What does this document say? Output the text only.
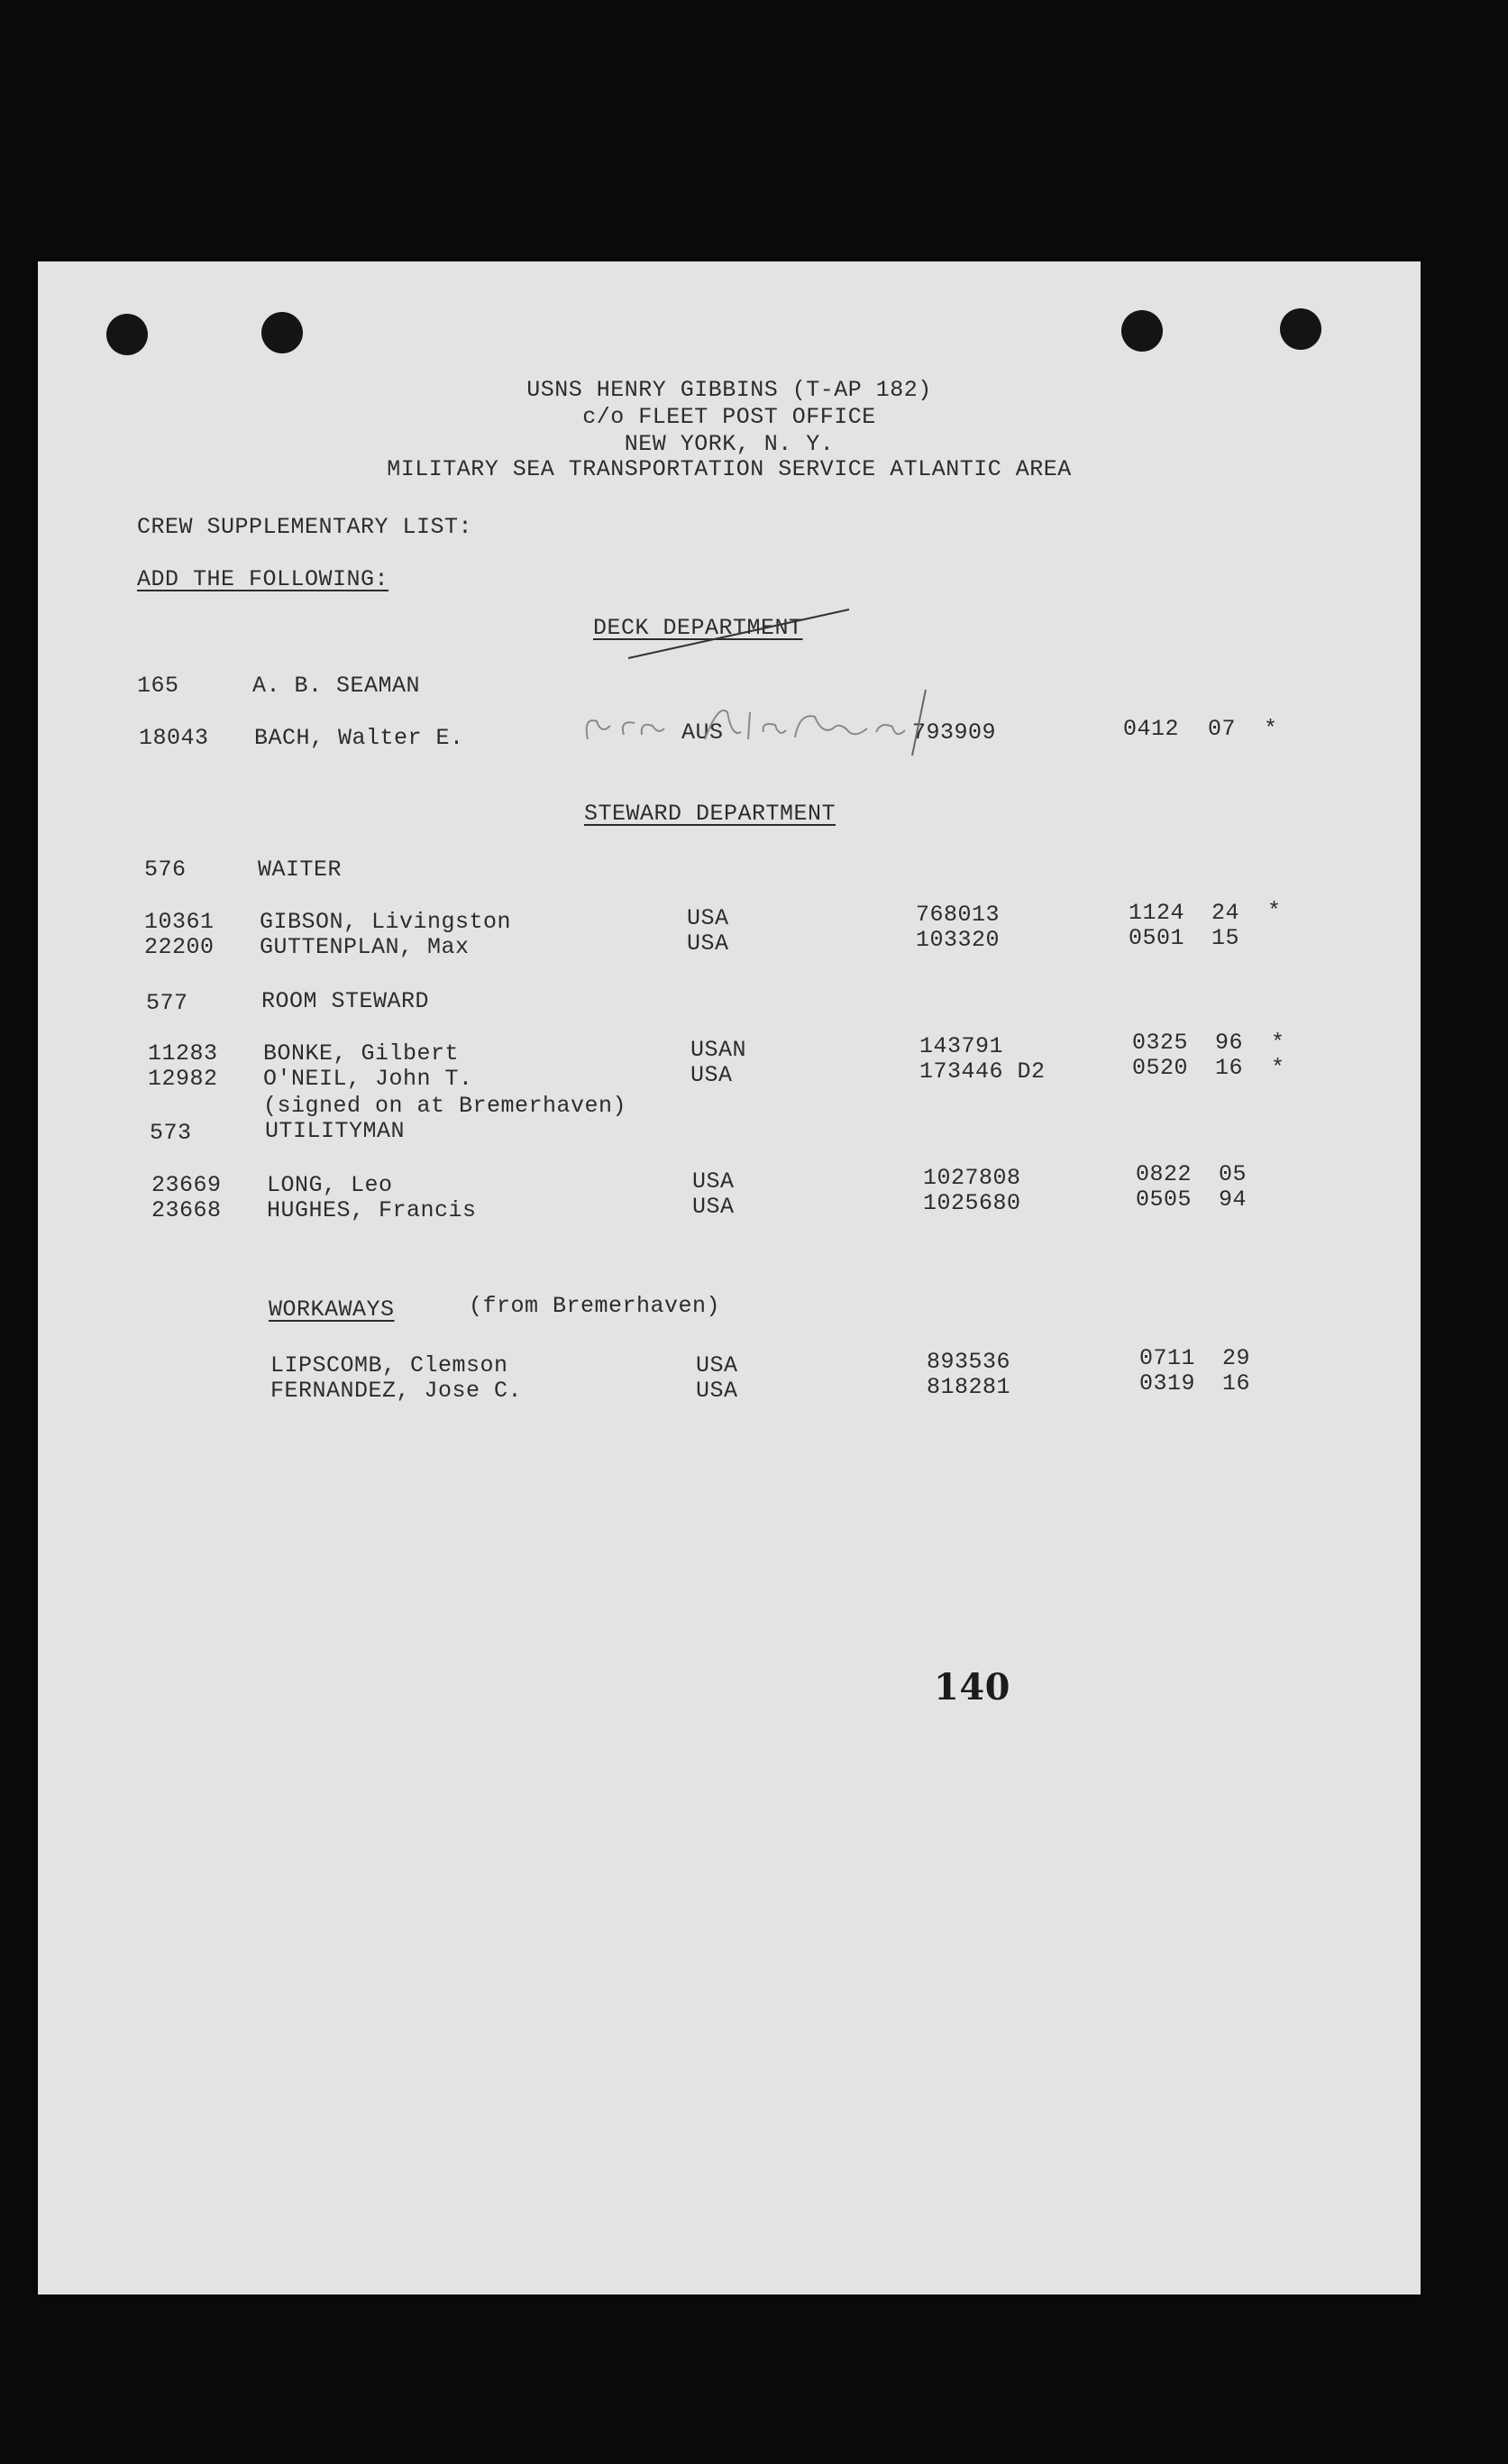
USNS HENRY GIBBINS (T-AP 182)
c/o FLEET POST OFFICE
NEW YORK, N. Y.
MILITARY SEA TRANSPORTATION SERVICE ATLANTIC AREA
CREW SUPPLEMENTARY LIST:
ADD THE FOLLOWING:
DECK DEPARTMENT
165	A. B. SEAMAN
18043 BACH, Walter E.	AUS	793909	0412 07 *
STEWARD DEPARTMENT
576	WAITER
10361 GIBSON, Livingston	USA	768013	1124 24 *
22200 GUTTENPLAN, Max	USA	103320	0501 15
577	ROOM STEWARD
11283 BONKE, Gilbert	USAN	143791	0325 96 *
12982 O'NEIL, John T.	USA	173446 D2	0520 16 *
(signed on at Bremerhaven)
573	UTILITYMAN
23669 LONG, Leo	USA	1027808	0822 05
23668 HUGHES, Francis	USA	1025680	0505 94
WORKAWAYS	(from Bremerhaven)
LIPSCOMB, Clemson	USA	893536	0711 29
FERNANDEZ, Jose C.	USA	818281	0319 16
140
